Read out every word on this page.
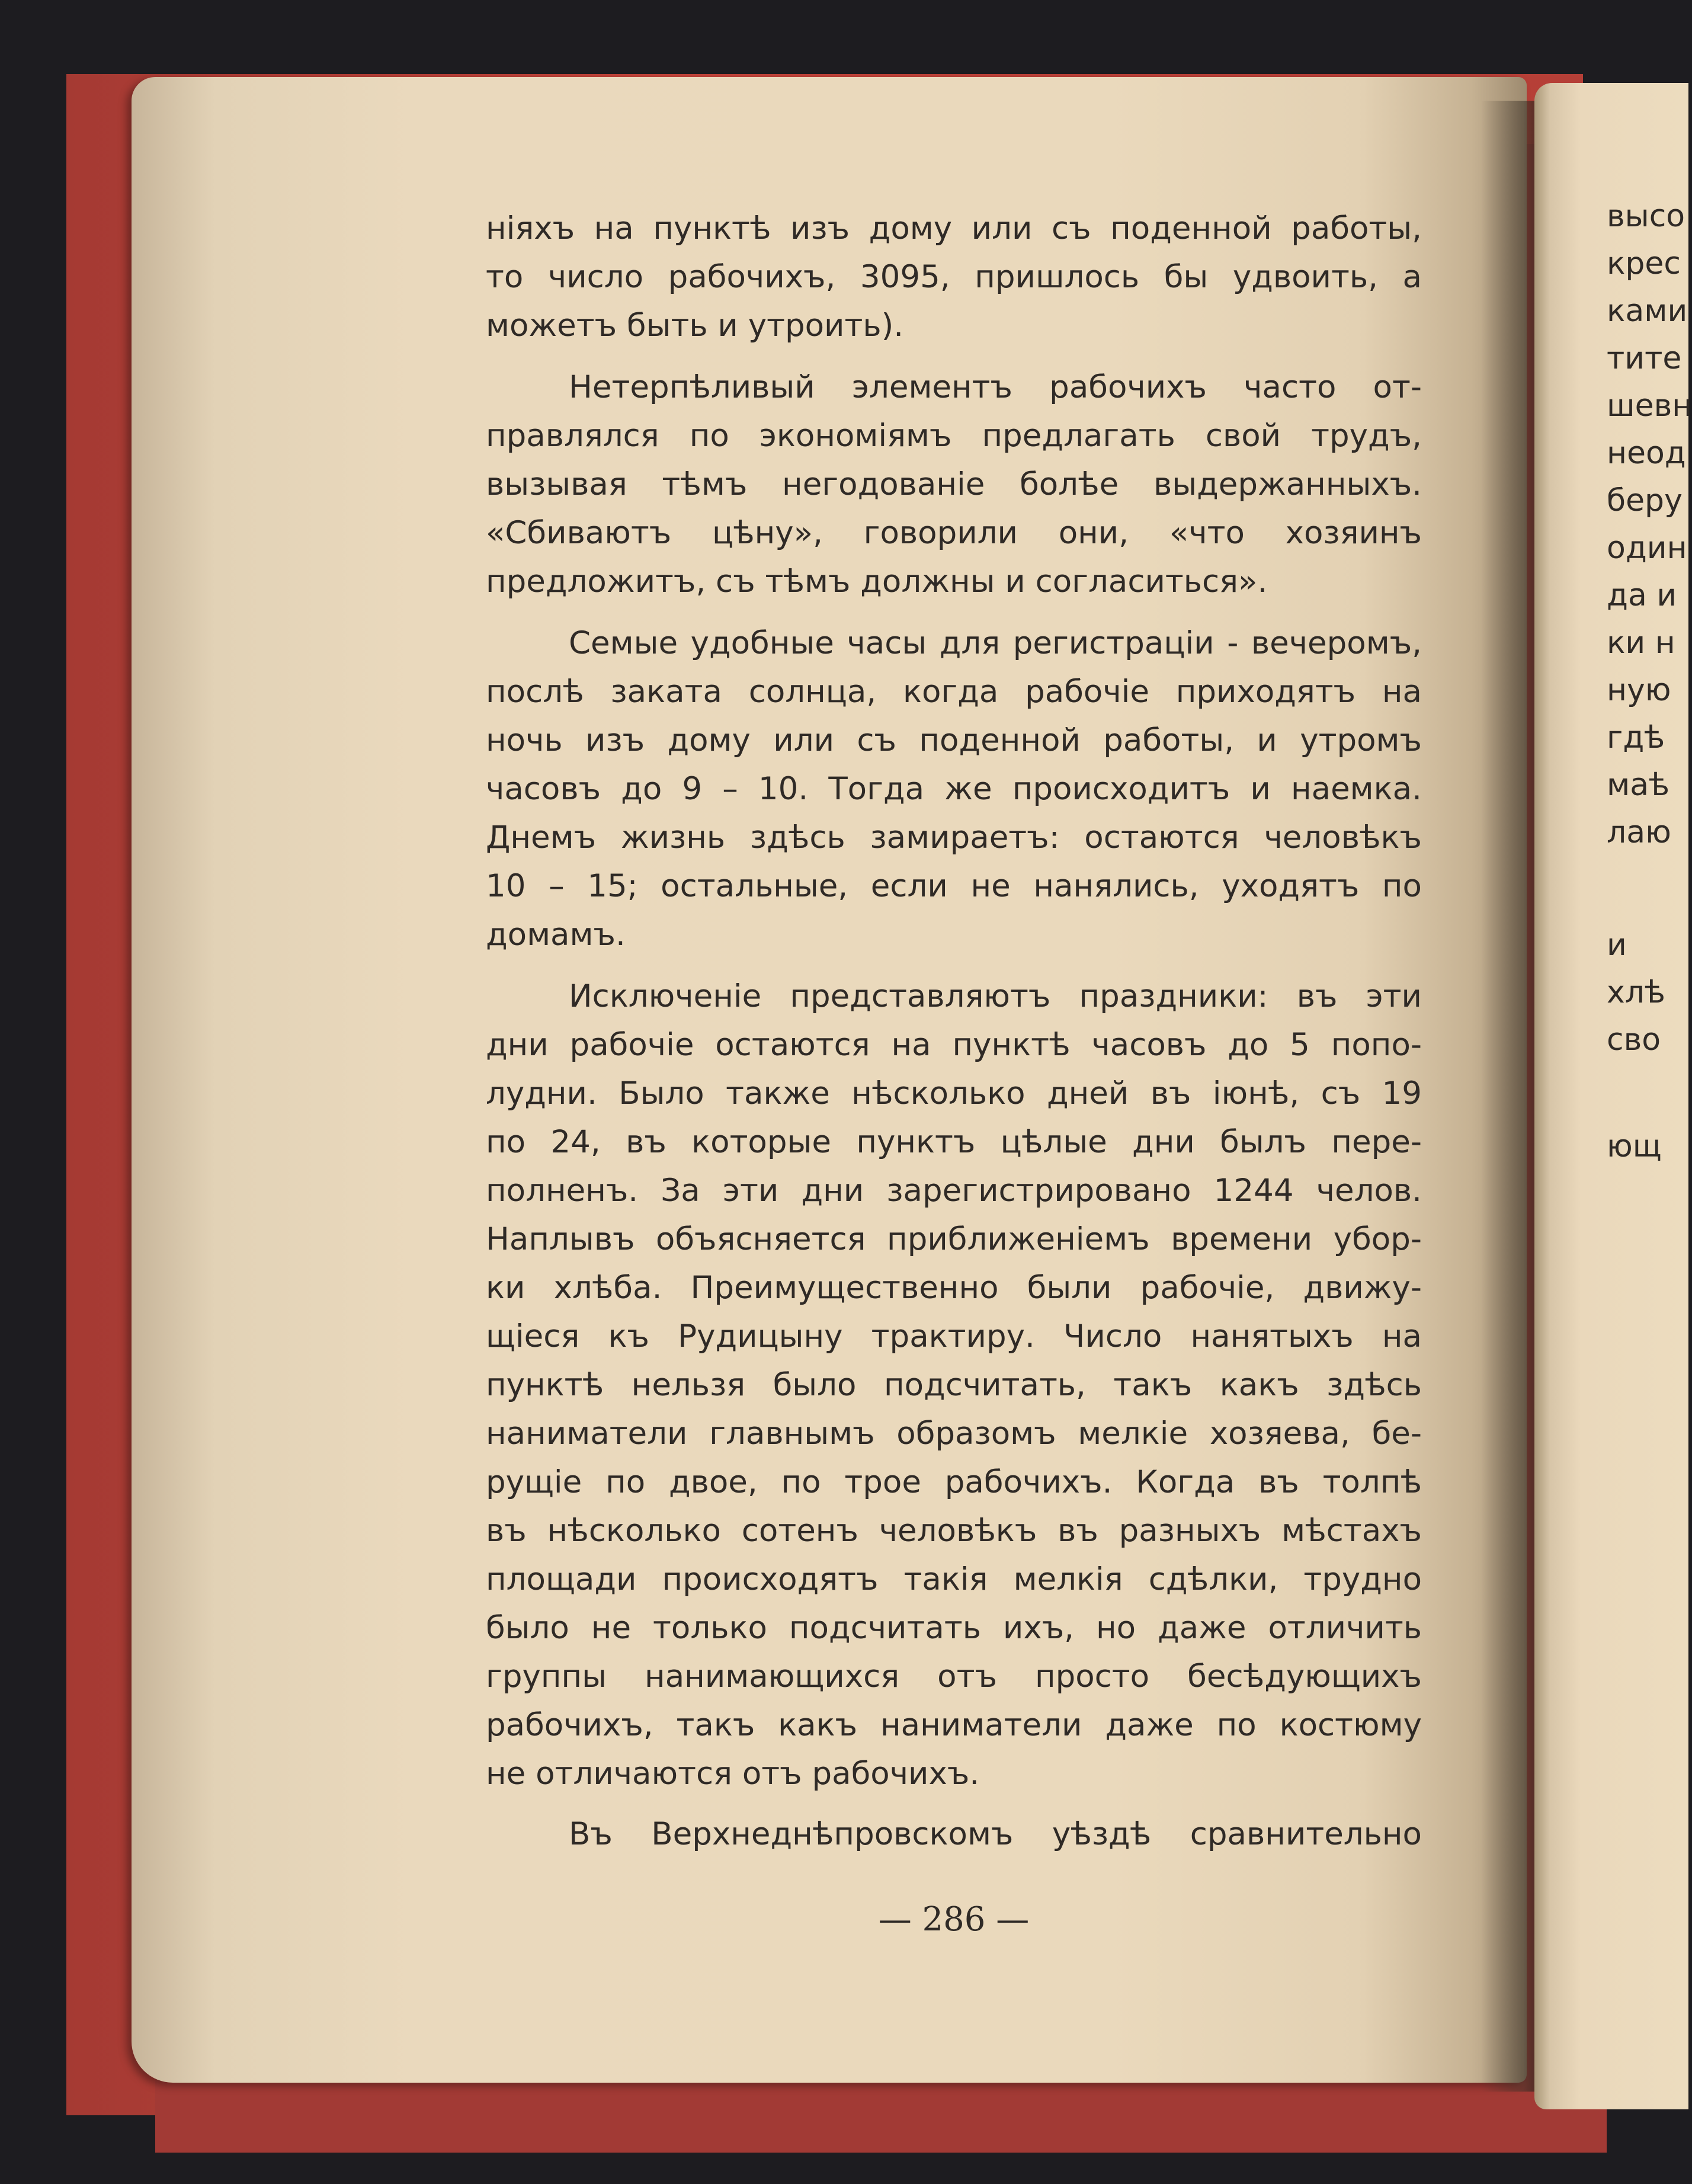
ніяхъ на пунктѣ изъ дому или съ поденной работы,
то число рабочихъ, 3095, пришлось бы удвоить, а
можетъ быть и утроить).
Нетерпѣливый элементъ рабочихъ часто от-
правлялся по экономіямъ предлагать свой трудъ,
вызывая тѣмъ негодованіе болѣе выдержанныхъ.
«Сбиваютъ цѣну», говорили они, «что хозяинъ
предложитъ, съ тѣмъ должны и согласиться».
Семые удобные часы для регистраціи - вечеромъ,
послѣ заката солнца, когда рабочіе приходятъ на
ночь изъ дому или съ поденной работы, и утромъ
часовъ до 9 – 10. Тогда же происходитъ и наемка.
Днемъ жизнь здѣсь замираетъ: остаются человѣкъ
10 – 15; остальные, если не нанялись, уходятъ по
домамъ.
Исключеніе представляютъ праздники: въ эти
дни рабочіе остаются на пунктѣ часовъ до 5 попо-
лудни. Было также нѣсколько дней въ іюнѣ, съ 19
по 24, въ которые пунктъ цѣлые дни былъ пере-
полненъ. За эти дни зарегистрировано 1244 челов.
Наплывъ объясняется приближеніемъ времени убор-
ки хлѣба. Преимущественно были рабочіе, движу-
щіеся къ Рудицыну трактиру. Число нанятыхъ на
пунктѣ нельзя было подсчитать, такъ какъ здѣсь
наниматели главнымъ образомъ мелкіе хозяева, бе-
рущіе по двое, по трое рабочихъ. Когда въ толпѣ
въ нѣсколько сотенъ человѣкъ въ разныхъ мѣстахъ
площади происходятъ такія мелкія сдѣлки, трудно
было не только подсчитать ихъ, но даже отличить
группы нанимающихся отъ просто бесѣдующихъ
рабочихъ, такъ какъ наниматели даже по костюму
не отличаются отъ рабочихъ.
Въ Верхнеднѣпровскомъ уѣздѣ сравнительно
— 286 —
высо
крес
ками
тите
шевн
неод
беру
один
да и
ки н
ную
гдѣ
маѣ
лаю
и
хлѣ
сво
ющ
